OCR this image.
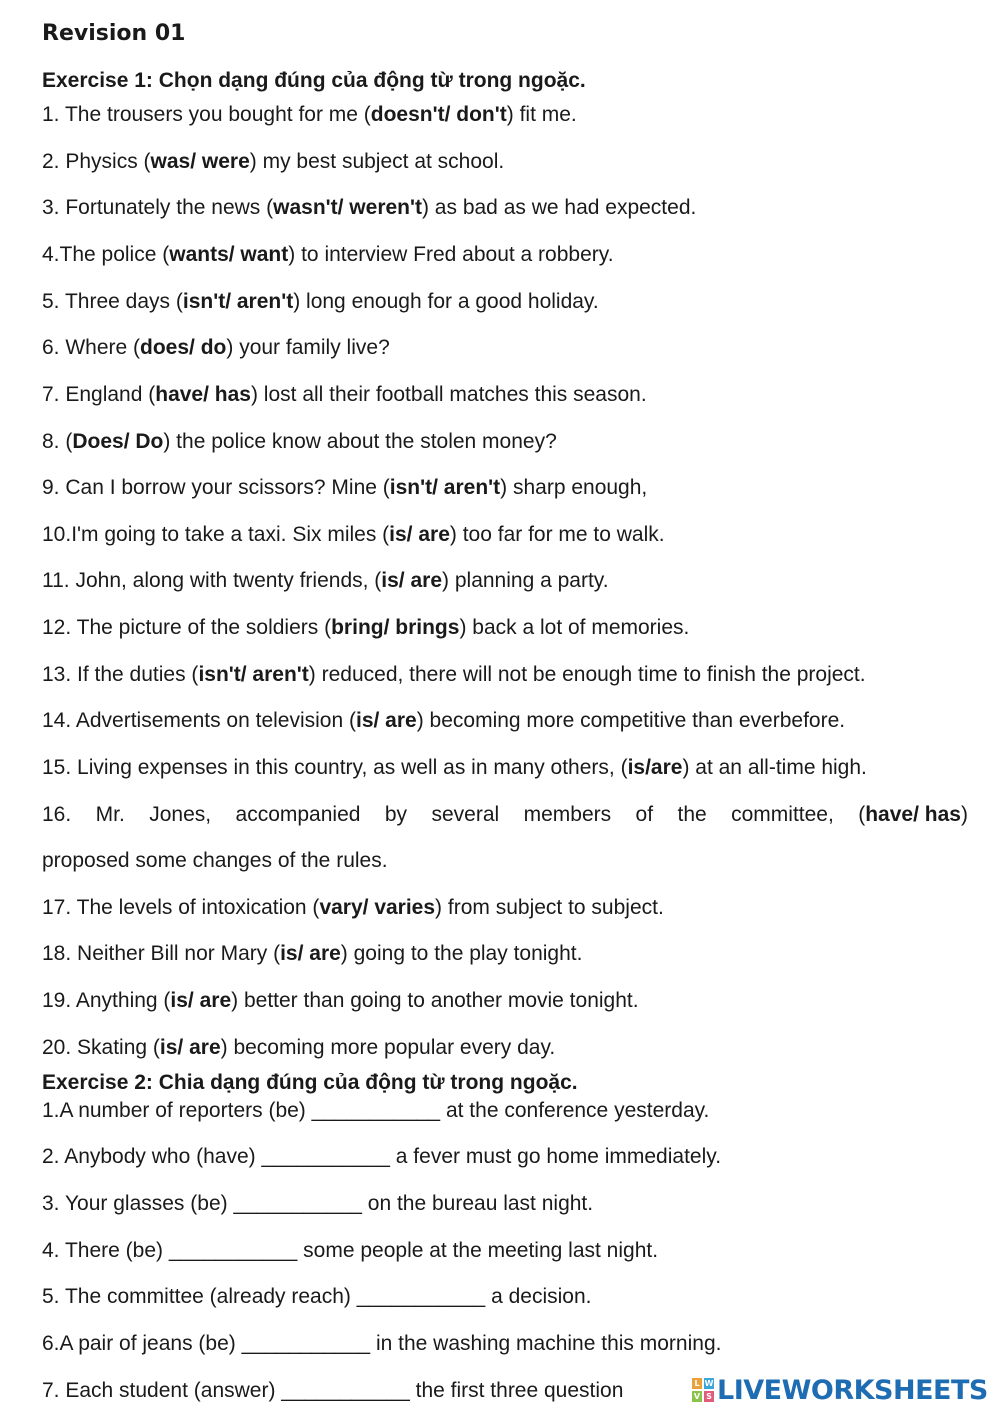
Revision 01
Exercise 1: Chọn dạng đúng của động từ trong ngoặc.
1. The trousers you bought for me (doesn't/ don't) fit me.
2. Physics (was/ were) my best subject at school.
3. Fortunately the news (wasn't/ weren't) as bad as we had expected.
4.The police (wants/ want) to interview Fred about a robbery.
5. Three days (isn't/ aren't) long enough for a good holiday.
6. Where (does/ do) your family live?
7. England (have/ has) lost all their football matches this season.
8. (Does/ Do) the police know about the stolen money?
9. Can I borrow your scissors? Mine (isn't/ aren't) sharp enough,
10.I'm going to take a taxi. Six miles (is/ are) too far for me to walk.
11. John, along with twenty friends, (is/ are) planning a party.
12. The picture of the soldiers (bring/ brings) back a lot of memories.
13. If the duties (isn't/ aren't) reduced, there will not be enough time to finish the project.
14. Advertisements on television (is/ are) becoming more competitive than everbefore.
15. Living expenses in this country, as well as in many others, (is/are) at an all-time high.
16. Mr. Jones, accompanied by several members of the committee, (have/ has)
proposed some changes of the rules.
17. The levels of intoxication (vary/ varies) from subject to subject.
18. Neither Bill nor Mary (is/ are) going to the play tonight.
19. Anything (is/ are) better than going to another movie tonight.
20. Skating (is/ are) becoming more popular every day.
Exercise 2: Chia dạng đúng của động từ trong ngoặc.
1.A number of reporters (be) ___________ at the conference yesterday.
2. Anybody who (have) ___________ a fever must go home immediately.
3. Your glasses (be) ___________ on the bureau last night.
4. There (be) ___________ some people at the meeting last night.
5. The committee (already reach) ___________ a decision.
6.A pair of jeans (be) ___________ in the washing machine this morning.
7. Each student (answer) ___________ the first three question	L W
V S LIVEWORKSHEETS
